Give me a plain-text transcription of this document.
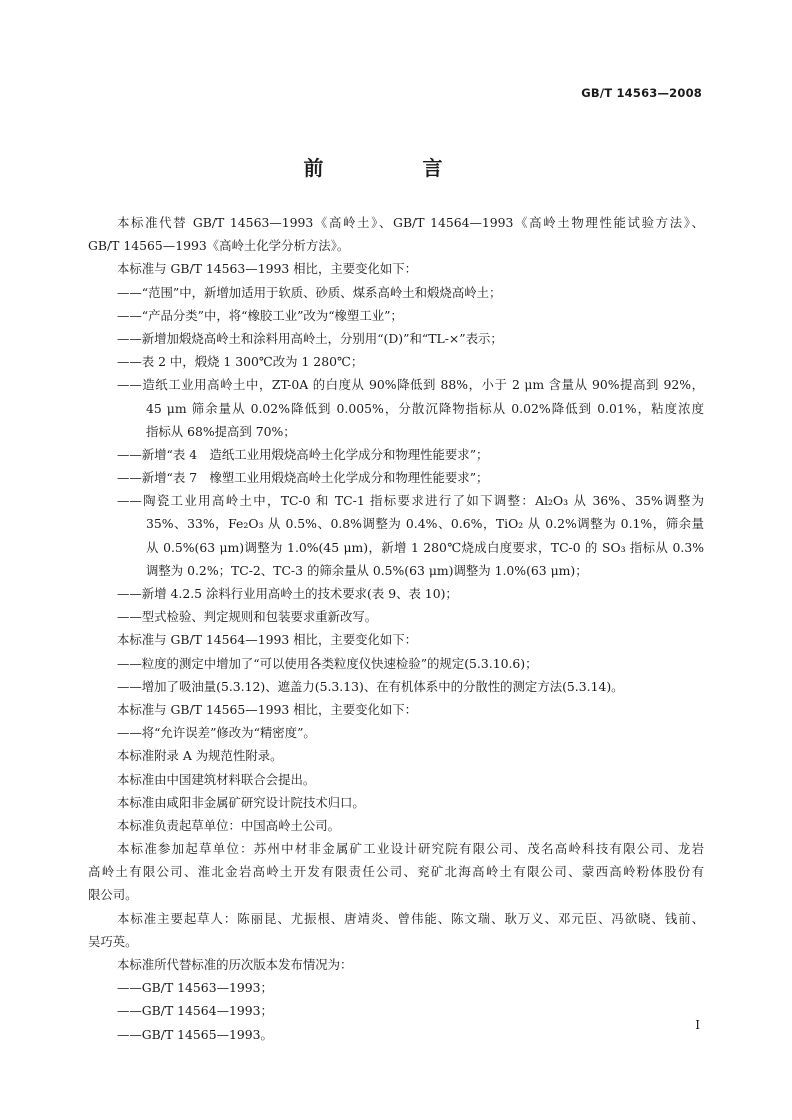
GB/T 14563—2008
前 言
本标准代替 GB/T 14563—1993《高岭土》、GB/T 14564—1993《高岭土物理性能试验方法》、
GB/T 14565—1993《高岭土化学分析方法》。
本标准与 GB/T 14563—1993 相比，主要变化如下：
——“范围”中，新增加适用于软质、砂质、煤系高岭土和煅烧高岭土；
——“产品分类”中，将“橡胶工业”改为“橡塑工业”；
——新增加煅烧高岭土和涂料用高岭土，分别用“(D)”和“TL-×”表示；
——表 2 中，煅烧 1 300℃改为 1 280℃；
——造纸工业用高岭土中，ZT-0A 的白度从 90%降低到 88%，小于 2 μm 含量从 90%提高到 92%，
45 μm 筛余量从 0.02%降低到 0.005%，分散沉降物指标从 0.02%降低到 0.01%，粘度浓度
指标从 68%提高到 70%；
——新增“表 4　造纸工业用煅烧高岭土化学成分和物理性能要求”；
——新增“表 7　橡塑工业用煅烧高岭土化学成分和物理性能要求”；
——陶瓷工业用高岭土中，TC-0 和 TC-1 指标要求进行了如下调整：Al₂O₃ 从 36%、35%调整为
35%、33%，Fe₂O₃ 从 0.5%、0.8%调整为 0.4%、0.6%，TiO₂ 从 0.2%调整为 0.1%，筛余量
从 0.5%(63 μm)调整为 1.0%(45 μm)，新增 1 280℃烧成白度要求，TC-0 的 SO₃ 指标从 0.3%
调整为 0.2%；TC-2、TC-3 的筛余量从 0.5%(63 μm)调整为 1.0%(63 μm)；
——新增 4.2.5 涂料行业用高岭土的技术要求(表 9、表 10)；
——型式检验、判定规则和包装要求重新改写。
本标准与 GB/T 14564—1993 相比，主要变化如下：
——粒度的测定中增加了“可以使用各类粒度仪快速检验”的规定(5.3.10.6)；
——增加了吸油量(5.3.12)、遮盖力(5.3.13)、在有机体系中的分散性的测定方法(5.3.14)。
本标准与 GB/T 14565—1993 相比，主要变化如下：
——将“允许误差”修改为“精密度”。
本标准附录 A 为规范性附录。
本标准由中国建筑材料联合会提出。
本标准由咸阳非金属矿研究设计院技术归口。
本标准负责起草单位：中国高岭土公司。
本标准参加起草单位：苏州中材非金属矿工业设计研究院有限公司、茂名高岭科技有限公司、龙岩
高岭土有限公司、淮北金岩高岭土开发有限责任公司、兖矿北海高岭土有限公司、蒙西高岭粉体股份有
限公司。
本标准主要起草人：陈丽昆、尤振根、唐靖炎、曾伟能、陈文瑞、耿万义、邓元臣、冯欲晓、钱前、
吴巧英。
本标准所代替标准的历次版本发布情况为：
——GB/T 14563—1993；
——GB/T 14564—1993；
——GB/T 14565—1993。
I
